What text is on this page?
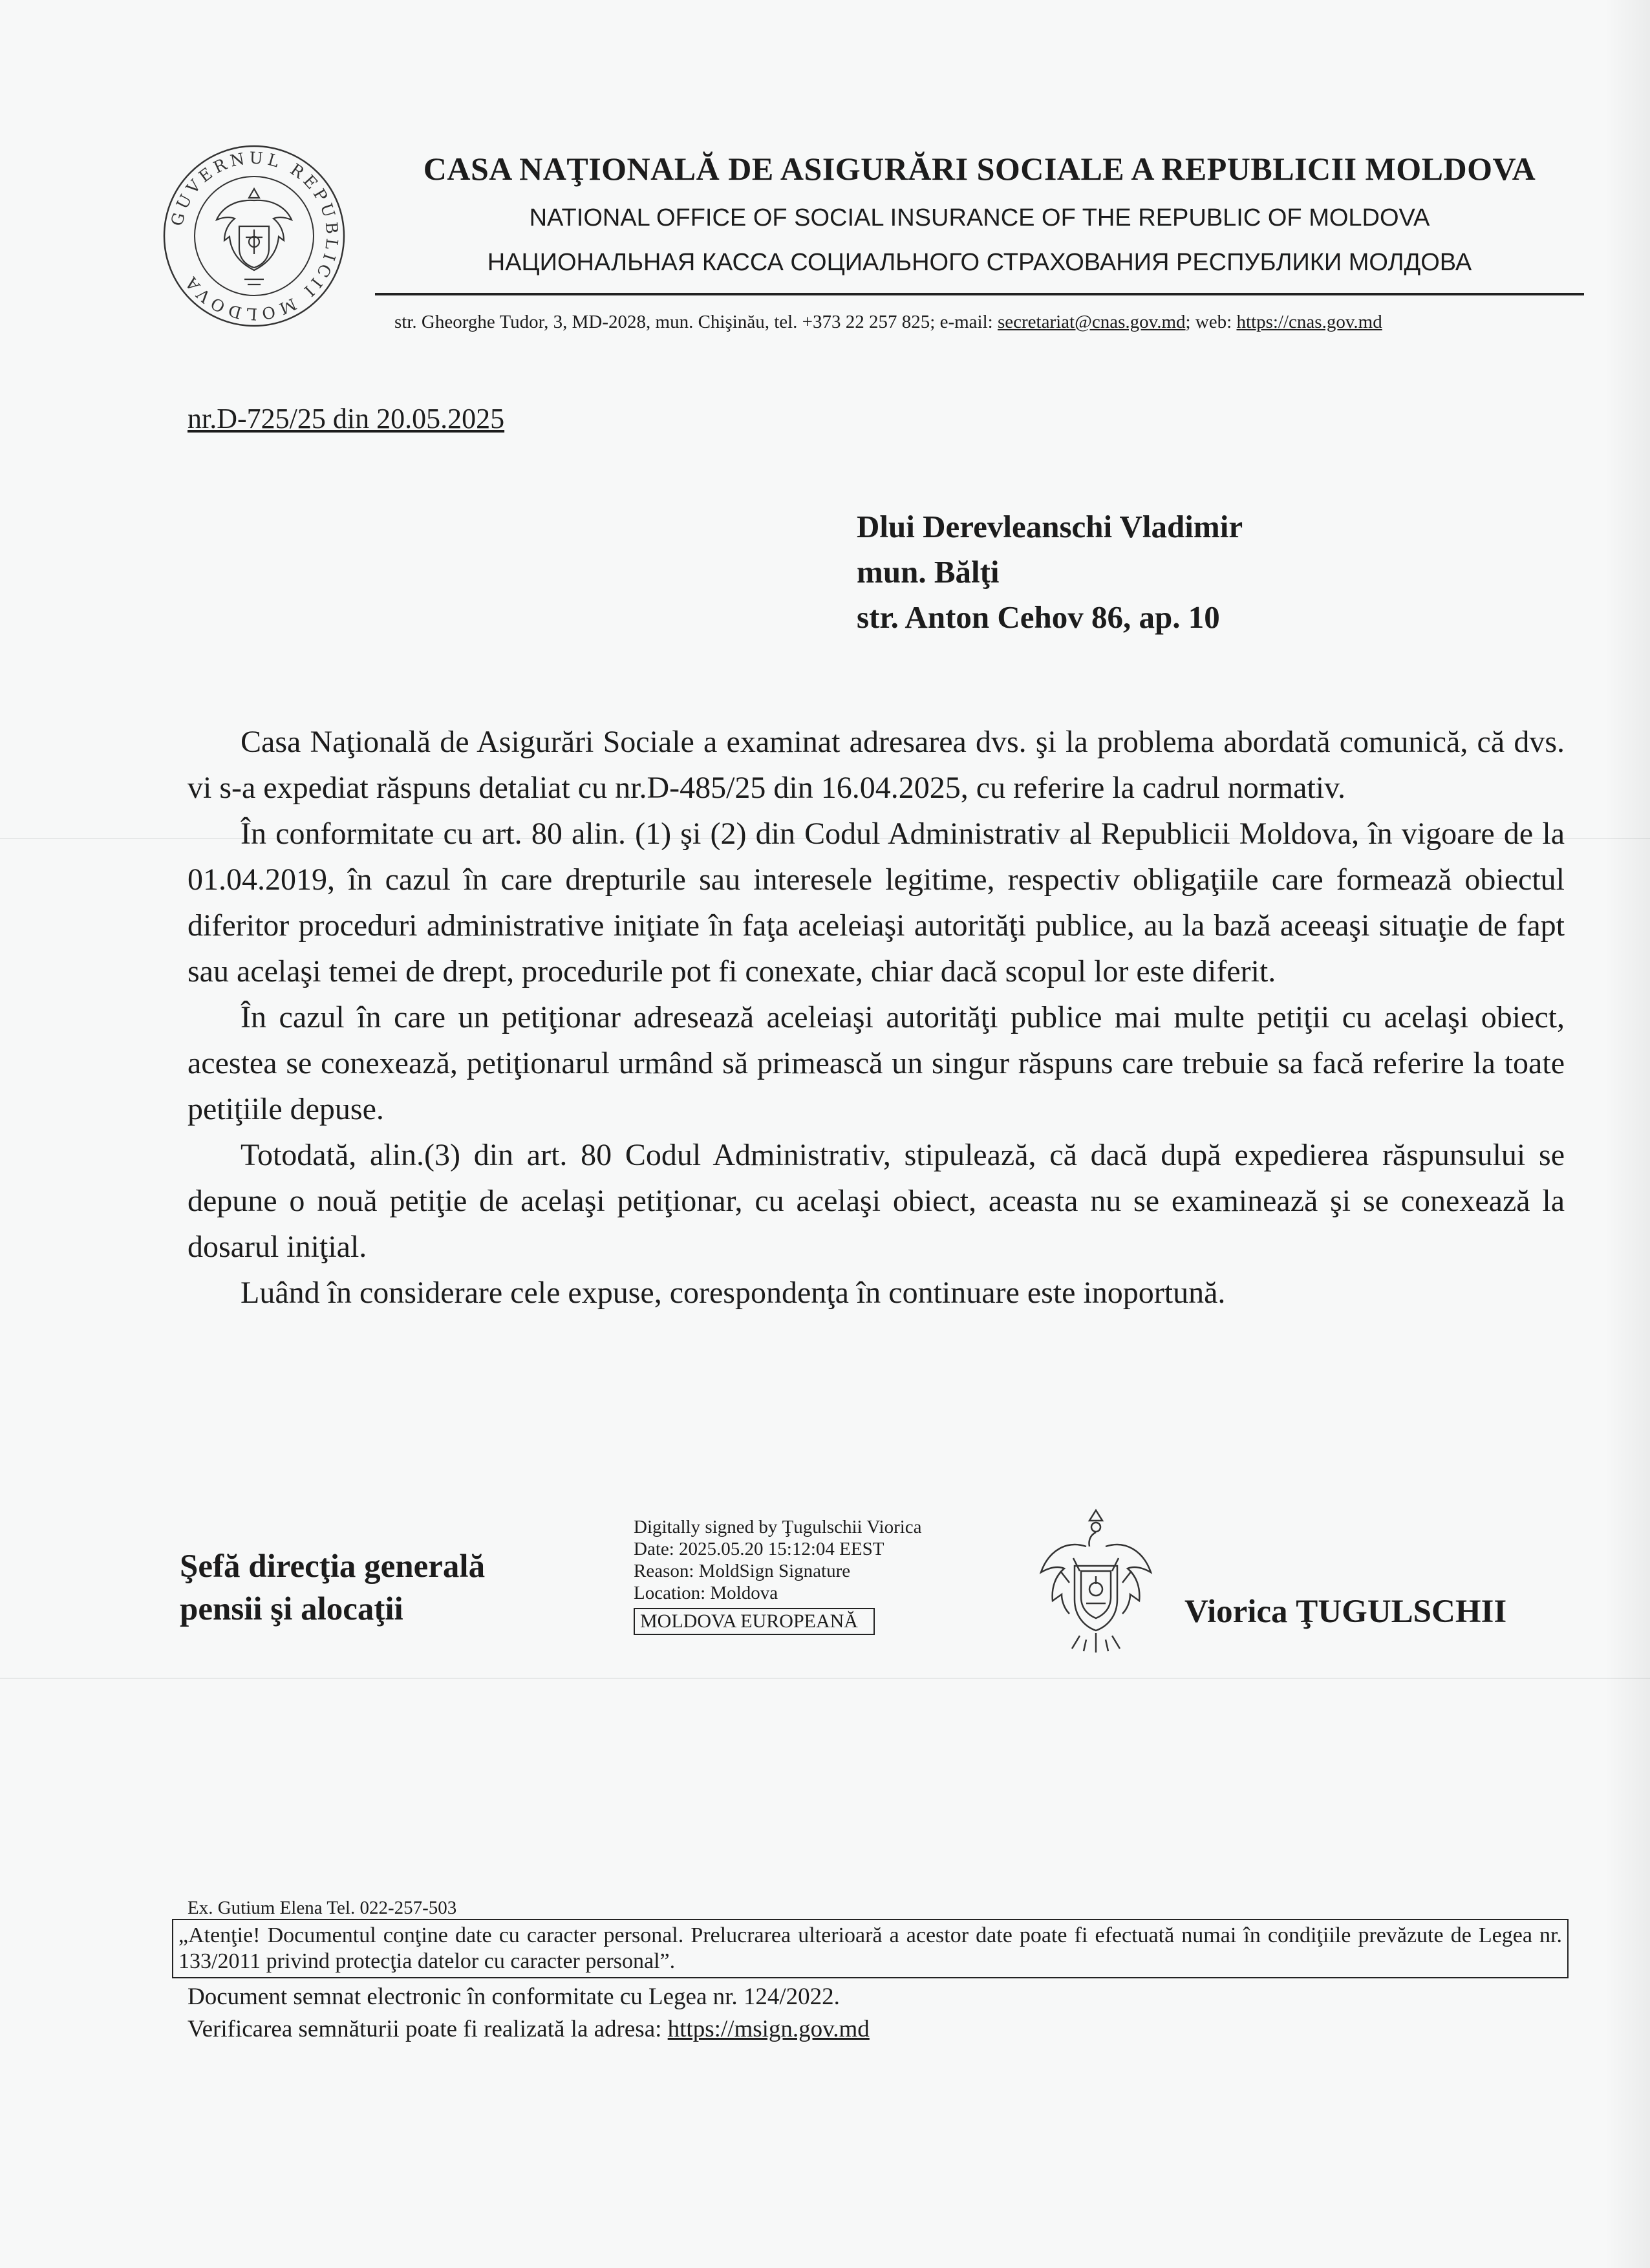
GUVERNUL REPUBLICII MOLDOVA
CASA NAŢIONALĂ DE ASIGURĂRI SOCIALE A REPUBLICII MOLDOVA
NATIONAL OFFICE OF SOCIAL INSURANCE OF THE REPUBLIC OF MOLDOVA
НАЦИОНАЛЬНАЯ КАССА СОЦИАЛЬНОГО СТРАХОВАНИЯ РЕСПУБЛИКИ МОЛДОВА
str. Gheorghe Tudor, 3, MD-2028, mun. Chişinău, tel. +373 22 257 825; e-mail: secretariat@cnas.gov.md; web: https://cnas.gov.md
nr.D-725/25 din 20.05.2025
Dlui Derevleanschi Vladimir
mun. Bălţi
str. Anton Cehov 86, ap. 10

Casa Naţională de Asigurări Sociale a examinat adresarea dvs. şi la problema abordată comunică, că dvs. vi s-a expediat răspuns detaliat cu nr.D-485/25 din 16.04.2025, cu referire la cadrul normativ.

În conformitate cu art. 80 alin. (1) şi (2) din Codul Administrativ al Republicii Moldova, în vigoare de la 01.04.2019, în cazul în care drepturile sau interesele legitime, respectiv obligaţiile care formează obiectul diferitor proceduri administrative iniţiate în faţa aceleiaşi autorităţi publice, au la bază aceeaşi situaţie de fapt sau acelaşi temei de drept, procedurile pot fi conexate, chiar dacă scopul lor este diferit.

În cazul în care un petiţionar adresează aceleiaşi autorităţi publice mai multe petiţii cu acelaşi obiect, acestea se conexează, petiţionarul urmând să primească un singur răspuns care trebuie sa facă referire la toate petiţiile depuse.

Totodată, alin.(3) din art. 80 Codul Administrativ, stipulează, că dacă după expedierea răspunsului se depune o nouă petiţie de acelaşi petiţionar, cu acelaşi obiect, aceasta nu se examinează şi se conexează la dosarul iniţial.

Luând în considerare cele expuse, corespondenţa în continuare este inoportună.

Şefă direcţia generală
pensii şi alocaţii
Digitally signed by Ţugulschii Viorica
Date: 2025.05.20 15:12:04 EEST
Reason: MoldSign Signature
Location: Moldova
MOLDOVA EUROPEANĂ	Viorica ŢUGULSCHII
Ex. Gutium Elena Tel. 022-257-503
„Atenţie! Documentul conţine date cu caracter personal. Prelucrarea ulterioară a acestor date poate fi efectuată numai în condiţiile prevăzute de Legea nr. 133/2011 privind protecţia datelor cu caracter personal”.
Document semnat electronic în conformitate cu Legea nr. 124/2022.
Verificarea semnăturii poate fi realizată la adresa: https://msign.gov.md
